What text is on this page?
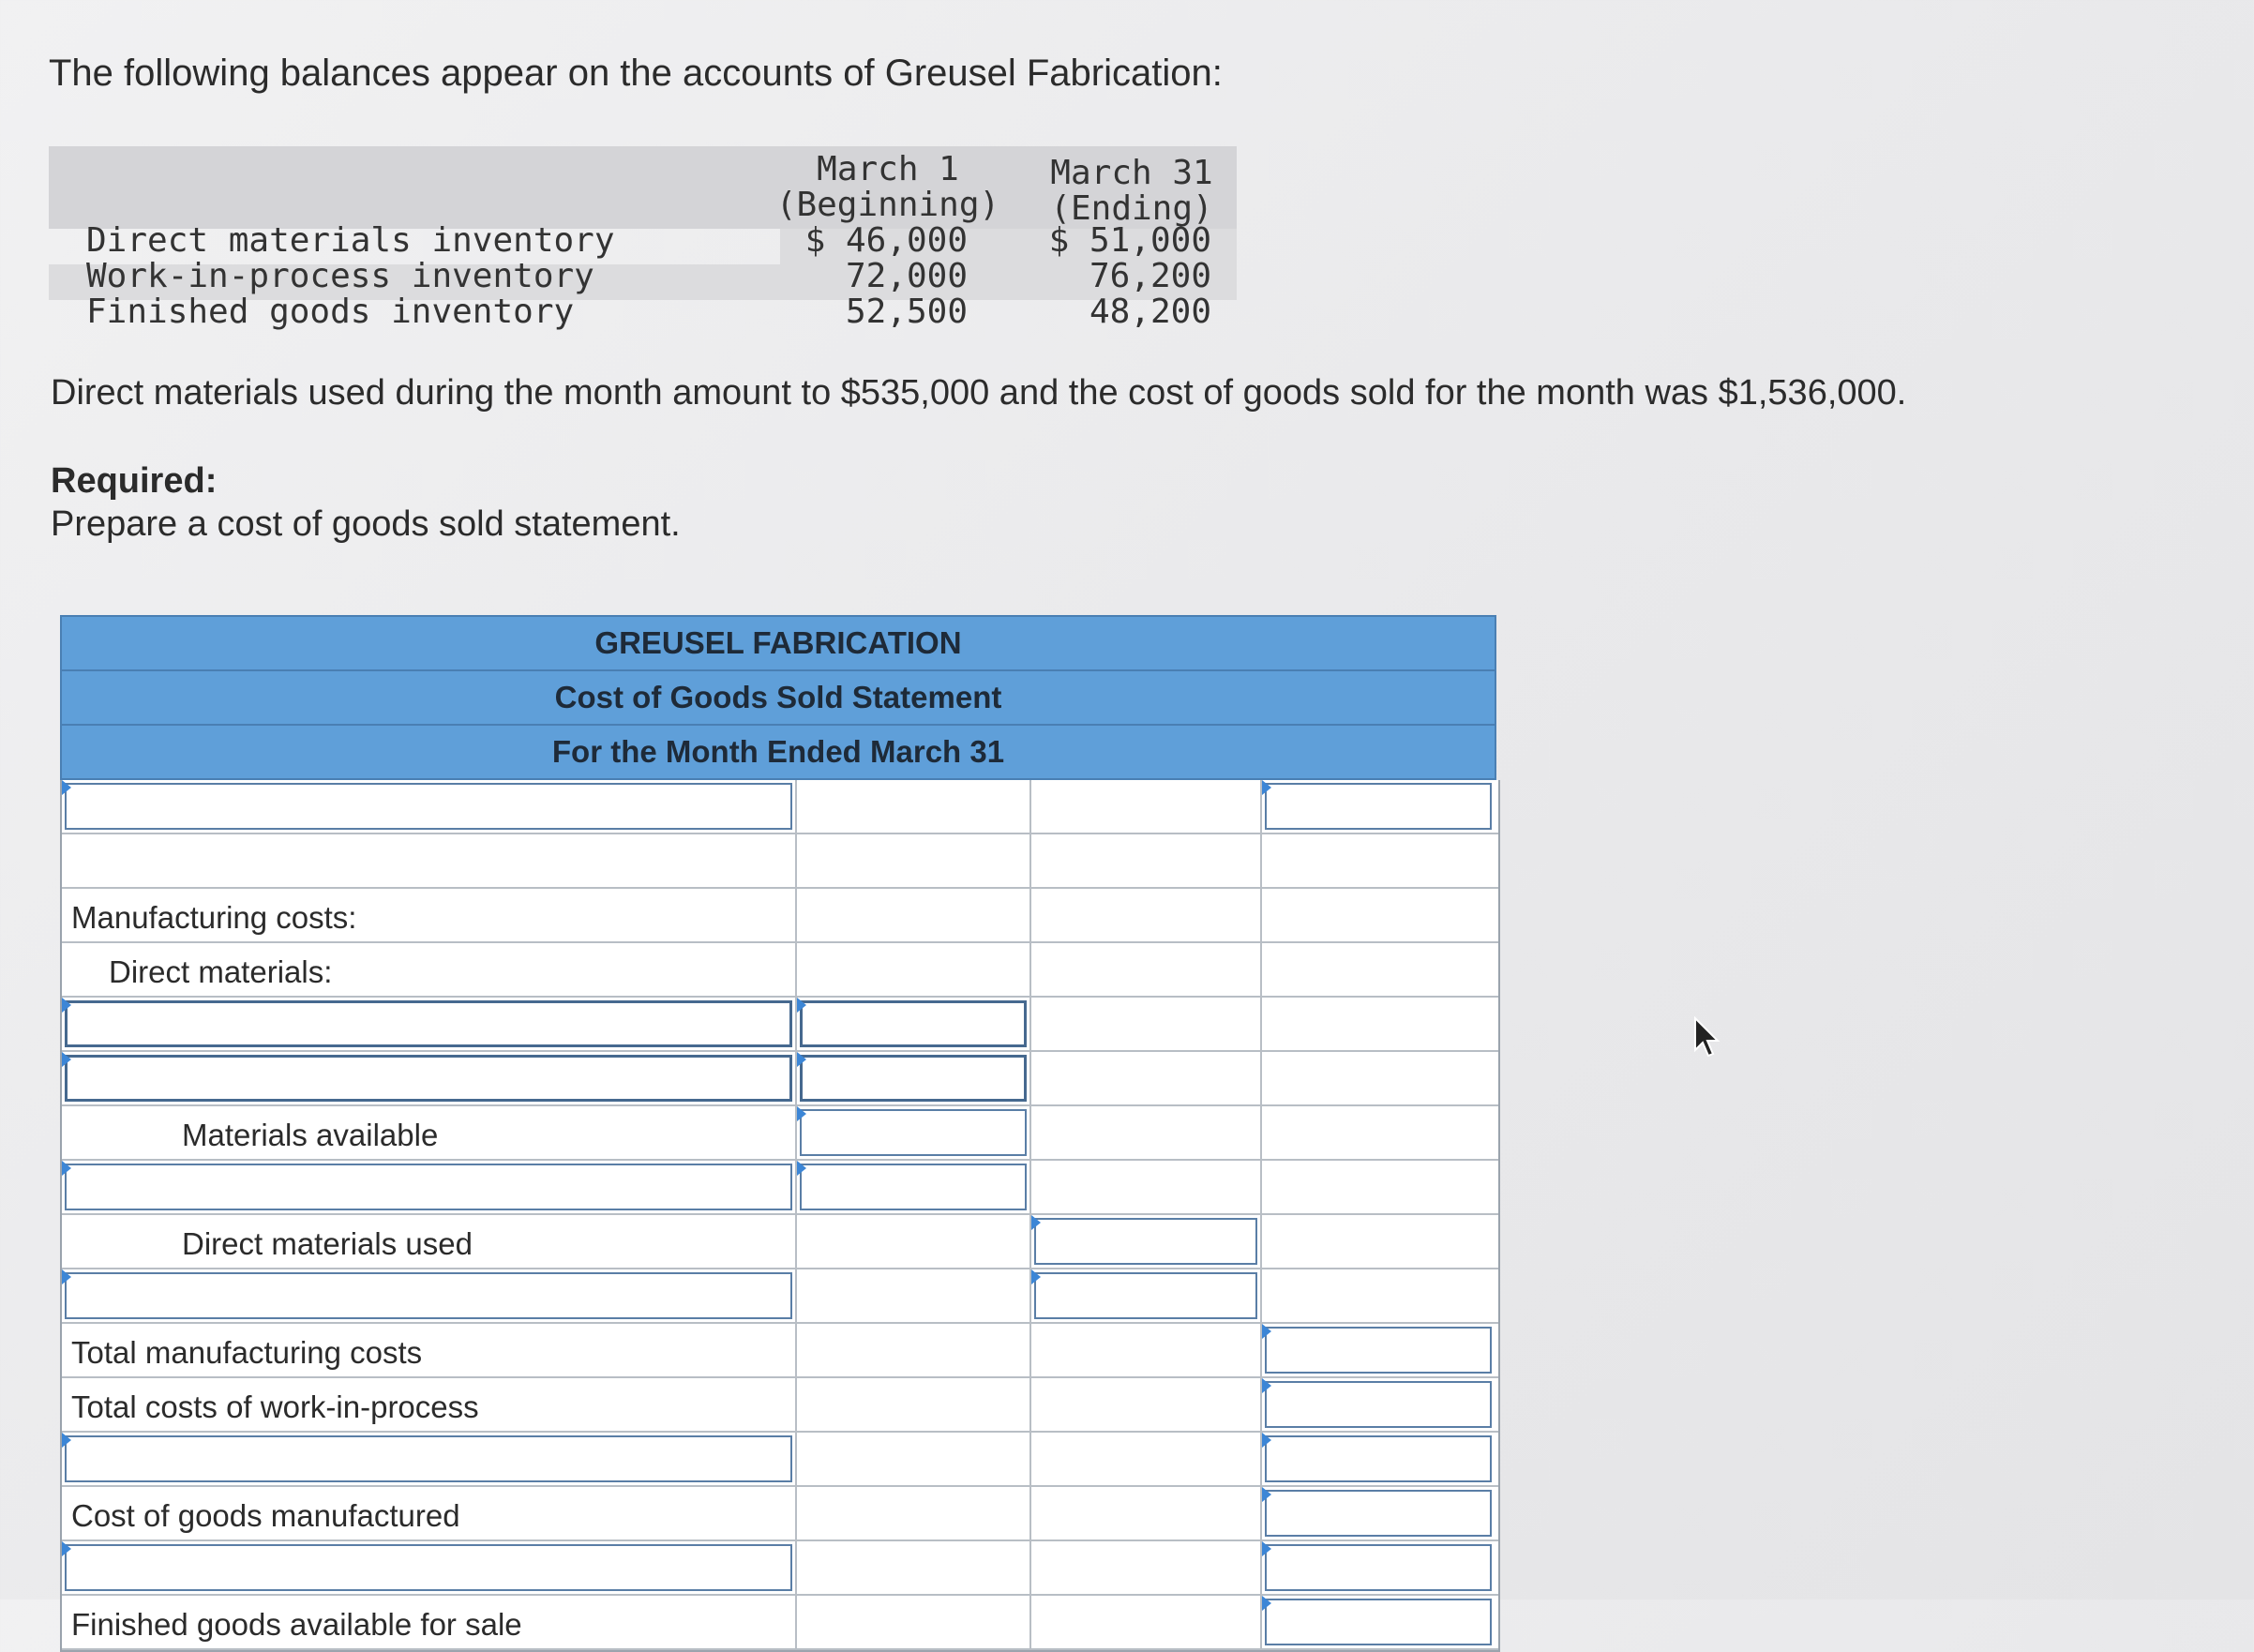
The following balances appear on the accounts of Greusel Fabrication:

March 1
(Beginning)
March 31
(Ending)
Direct materials inventory	$ 46,000	$ 51,000
Work-in-process inventory	72,000	76,200
Finished goods inventory	52,500	48,200

Direct materials used during the month amount to $535,000 and the cost of goods sold for the month was $1,536,000.

Required:

Prepare a cost of goods sold statement.

GREUSEL FABRICATION
Cost of Goods Sold Statement
For the Month Ended March 31
Manufacturing costs:
Direct materials:
Materials available
Direct materials used
Total manufacturing costs
Total costs of work-in-process
Cost of goods manufactured
Finished goods available for sale
